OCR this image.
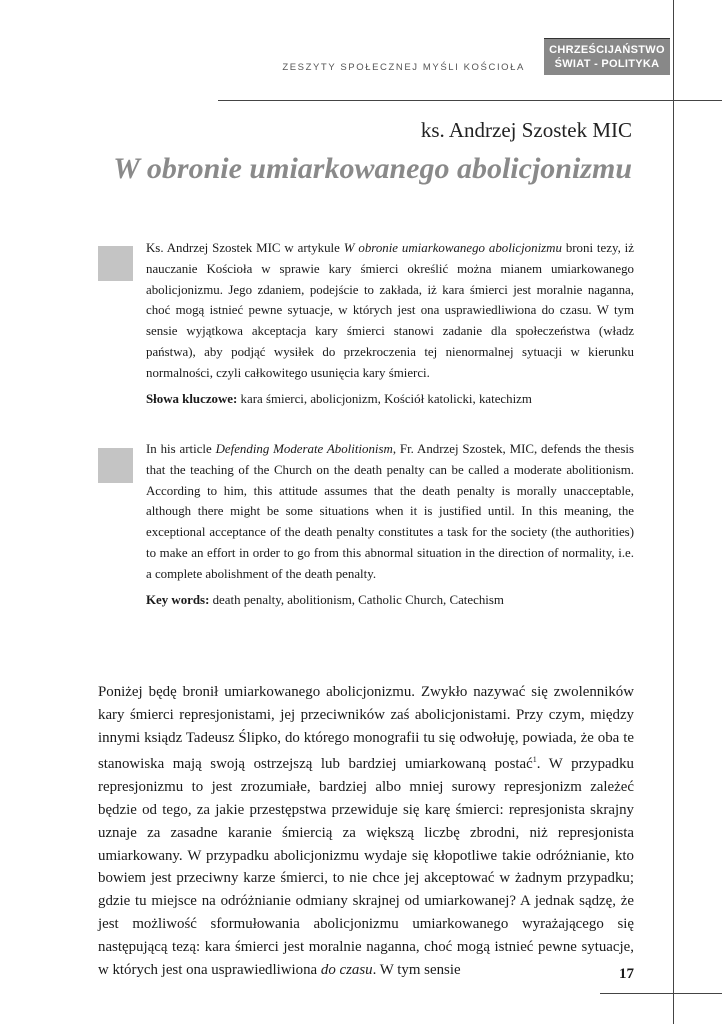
ZESZYTY SPOŁECZNEJ MYŚLI KOŚCIOŁA
CHRZEŚCIJAŃSTWO
ŚWIAT - POLITYKA
ks. Andrzej Szostek MIC
W obronie umiarkowanego abolicjonizmu

Ks. Andrzej Szostek MIC w artykule W obronie umiarkowanego abolicjonizmu broni tezy, iż nauczanie Kościoła w sprawie kary śmierci określić można mianem umiarkowanego abolicjonizmu. Jego zdaniem, podejście to zakłada, iż kara śmierci jest moralnie naganna, choć mogą istnieć pewne sytuacje, w których jest ona usprawiedliwiona do czasu. W tym sensie wyjątkowa akceptacja kary śmierci stanowi zadanie dla społeczeństwa (władz państwa), aby podjąć wysiłek do przekroczenia tej nienormalnej sytuacji w kierunku normalności, czyli całkowitego usunięcia kary śmierci.

Słowa kluczowe: kara śmierci, abolicjonizm, Kościół katolicki, katechizm

In his article Defending Moderate Abolitionism, Fr. Andrzej Szostek, MIC, defends the thesis that the teaching of the Church on the death penalty can be called a moderate abolitionism. According to him, this attitude assumes that the death penalty is morally unacceptable, although there might be some situations when it is justified until. In this meaning, the exceptional acceptance of the death penalty constitutes a task for the society (the authorities) to make an effort in order to go from this abnormal situation in the direction of normality, i.e. a complete abolishment of the death penalty.

Key words: death penalty, abolitionism, Catholic Church, Catechism

Poniżej będę bronił umiarkowanego abolicjonizmu. Zwykło nazywać się zwolenników kary śmierci represjonistami, jej przeciwników zaś abolicjonistami. Przy czym, między innymi ksiądz Tadeusz Ślipko, do którego monografii tu się odwołuję, powiada, że oba te stanowiska mają swoją ostrzejszą lub bardziej umiarkowaną postać$^1$. W przypadku represjonizmu to jest zrozumiałe, bardziej albo mniej surowy represjonizm zależeć będzie od tego, za jakie przestępstwa przewiduje się karę śmierci: represjonista skrajny uznaje za zasadne karanie śmiercią za większą liczbę zbrodni, niż represjonista umiarkowany. W przypadku abolicjonizmu wydaje się kłopotliwe takie odróżnianie, kto bowiem jest przeciwny karze śmierci, to nie chce jej akceptować w żadnym przypadku; gdzie tu miejsce na odróżnianie odmiany skrajnej od umiarkowanej? A jednak sądzę, że jest możliwość sformułowania abolicjonizmu umiarkowanego wyrażającego się następującą tezą: kara śmierci jest moralnie naganna, choć mogą istnieć pewne sytuacje, w których jest ona usprawiedliwiona do czasu. W tym sensie	17
